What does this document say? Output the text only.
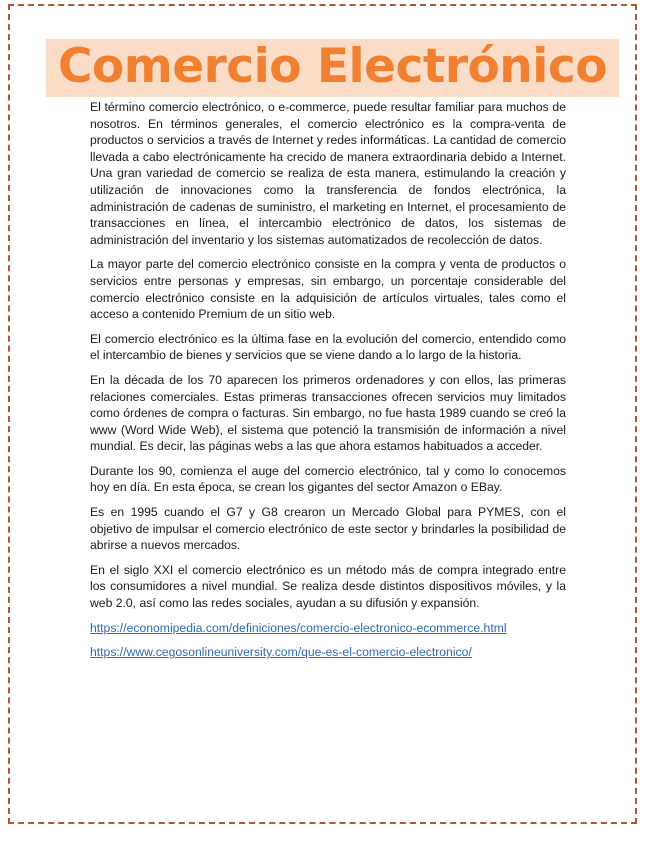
Comercio Electrónico

El término comercio electrónico, o e-commerce, puede resultar familiar para muchos de nosotros. En términos generales, el comercio electrónico es la compra-venta de productos o servicios a través de Internet y redes informáticas. La cantidad de comercio llevada a cabo electrónicamente ha crecido de manera extraordinaria debido a Internet. Una gran variedad de comercio se realiza de esta manera, estimulando la creación y utilización de innovaciones como la transferencia de fondos electrónica, la administración de cadenas de suministro, el marketing en Internet, el procesamiento de transacciones en línea, el intercambio electrónico de datos, los sistemas de administración del inventario y los sistemas automatizados de recolección de datos.

La mayor parte del comercio electrónico consiste en la compra y venta de productos o servicios entre personas y empresas, sin embargo, un porcentaje considerable del comercio electrónico consiste en la adquisición de artículos virtuales, tales como el acceso a contenido Premium de un sitio web.

El comercio electrónico es la última fase en la evolución del comercio, entendido como el intercambio de bienes y servicios que se viene dando a lo largo de la historia.

En la década de los 70 aparecen los primeros ordenadores y con ellos, las primeras relaciones comerciales. Estas primeras transacciones ofrecen servicios muy limitados como órdenes de compra o facturas. Sin embargo, no fue hasta 1989 cuando se creó la www (Word Wide Web), el sistema que potenció la transmisión de información a nivel mundial. Es decir, las páginas webs a las que ahora estamos habituados a acceder.

Durante los 90, comienza el auge del comercio electrónico, tal y como lo conocemos hoy en día. En esta época, se crean los gigantes del sector Amazon o EBay.

Es en 1995 cuando el G7 y G8 crearon un Mercado Global para PYMES, con el objetivo de impulsar el comercio electrónico de este sector y brindarles la posibilidad de abrirse a nuevos mercados.

En el siglo XXI el comercio electrónico es un método más de compra integrado entre los consumidores a nivel mundial. Se realiza desde distintos dispositivos móviles, y la web 2.0, así como las redes sociales, ayudan a su difusión y expansión.

https://economipedia.com/definiciones/comercio-electronico-ecommerce.html
https://www.cegosonlineuniversity.com/que-es-el-comercio-electronico/
